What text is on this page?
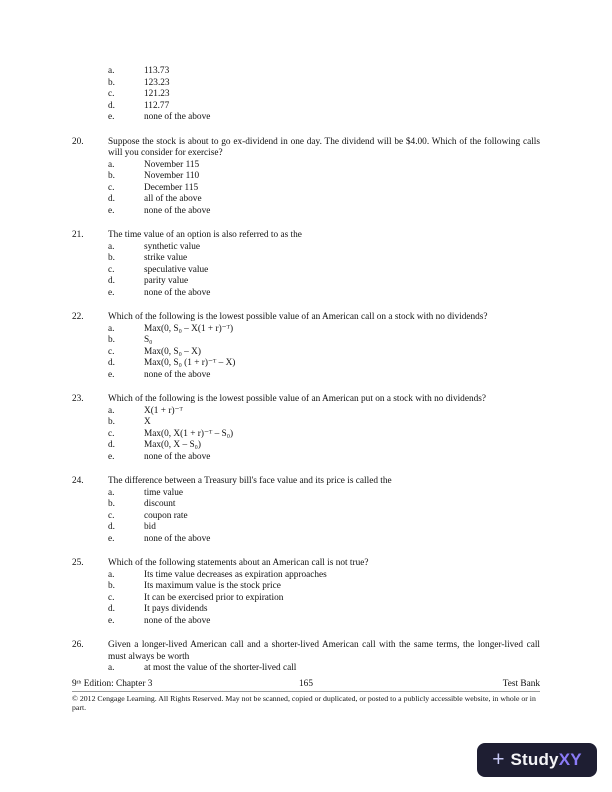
a.	113.73
b.	123.23
c.	121.23
d.	112.77
e.	none of the above
20.	Suppose the stock is about to go ex-dividend in one day. The dividend will be $4.00. Which of the following calls will you consider for exercise?
a.	November 115
b.	November 110
c.	December 115
d.	all of the above
e.	none of the above
21.	The time value of an option is also referred to as the
a.	synthetic value
b.	strike value
c.	speculative value
d.	parity value
e.	none of the above
22.	Which of the following is the lowest possible value of an American call on a stock with no dividends?
a.	Max(0, S₀ – X(1 + r)⁻ᵀ)
b.	S₀
c.	Max(0, S₀ – X)
d.	Max(0, S₀ (1 + r)⁻ᵀ – X)
e.	none of the above
23.	Which of the following is the lowest possible value of an American put on a stock with no dividends?
a.	X(1 + r)⁻ᵀ
b.	X
c.	Max(0, X(1 + r)⁻ᵀ – S₀)
d.	Max(0, X – S₀)
e.	none of the above
24.	The difference between a Treasury bill's face value and its price is called the
a.	time value
b.	discount
c.	coupon rate
d.	bid
e.	none of the above
25.	Which of the following statements about an American call is not true?
a.	Its time value decreases as expiration approaches
b.	Its maximum value is the stock price
c.	It can be exercised prior to expiration
d.	It pays dividends
e.	none of the above
26.	Given a longer-lived American call and a shorter-lived American call with the same terms, the longer-lived call must always be worth
a.	at most the value of the shorter-lived call
9ᵗʰ Edition: Chapter 3	165	Test Bank
© 2012 Cengage Learning. All Rights Reserved. May not be scanned, copied or duplicated, or posted to a publicly accessible website, in whole or in part.
+ StudyXY
